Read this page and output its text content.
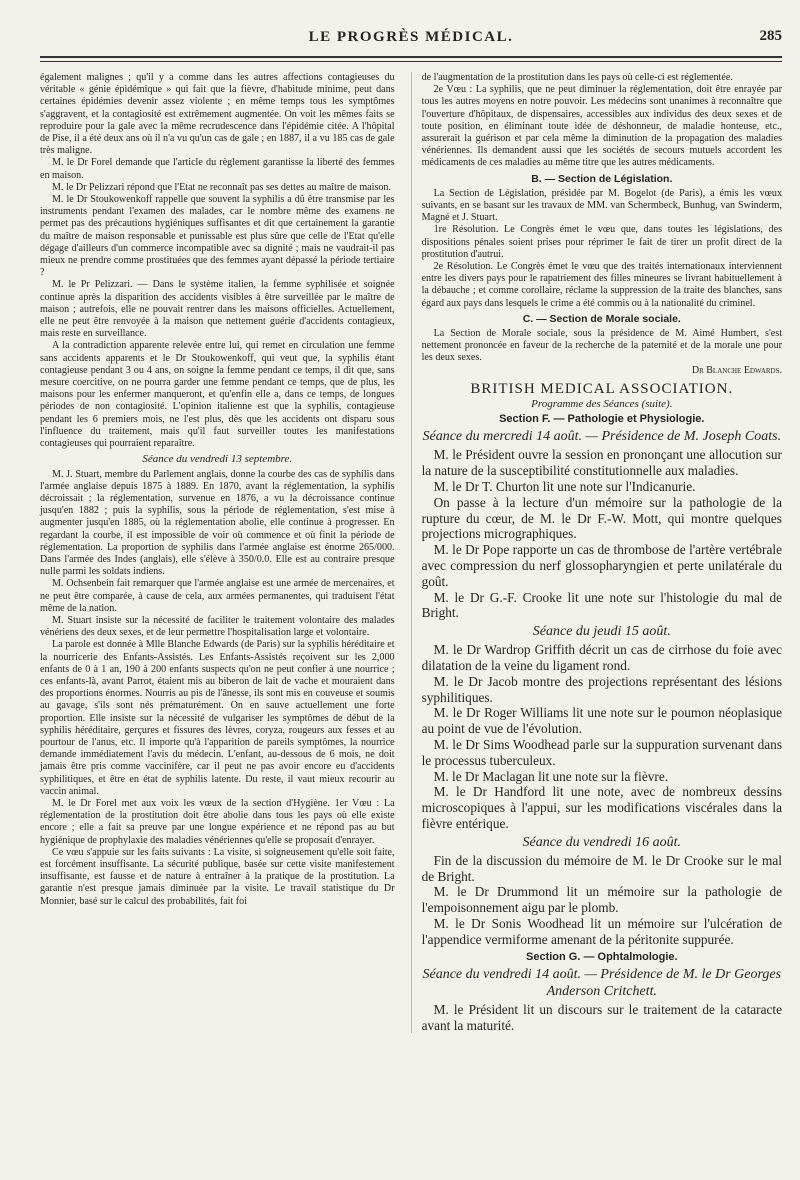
LE PROGRÈS MÉDICAL.	285

également malignes ; qu'il y a comme dans les autres affections contagieuses du véritable « génie épidémique » qui fait que la fièvre, d'habitude minime, peut dans certaines épidémies devenir assez violente ; en même temps tous les symptômes s'aggravent, et la contagiosité est extrêmement augmentée. On voit les mêmes faits se reproduire pour la gale avec la même recrudescence dans l'épidémie citée. A l'hôpital de Pise, il a été deux ans où il n'a vu qu'un cas de gale ; en 1887, il a vu 185 cas de gale très maligne.

M. le Dr Forel demande que l'article du règlement garantisse la liberté des femmes en maison.

M. le Dr Pelizzari répond que l'Etat ne reconnaît pas ses dettes au maître de maison.

M. le Dr Stoukowenkoff rappelle que souvent la syphilis a dû être transmise par les instruments pendant l'examen des malades, car le nombre même des examens ne permet pas des précautions hygiéniques suffisantes et dit que certainement la garantie du maître de maison responsable et punissable est plus sûre que celle de l'Etat qu'elle dégage d'ailleurs d'un commerce incompatible avec sa dignité ; mais ne vaudrait-il pas mieux ne prendre comme prostituées que des femmes ayant dépassé la période tertiaire ?

M. le Pr Pelizzari. — Dans le système italien, la femme syphilisée et soignée continue après la disparition des accidents visibles à être surveillée par le maître de maison ; autrefois, elle ne pouvait rentrer dans les maisons officielles. Actuellement, elle ne peut être renvoyée à la maison que nettement guérie d'accidents contagieux, mais reste en surveillance.

A la contradiction apparente relevée entre lui, qui remet en circulation une femme sans accidents apparents et le Dr Stoukowenkoff, qui veut que, la syphilis étant contagieuse pendant 3 ou 4 ans, on soigne la femme pendant ce temps, il dit que, sans mesure coercitive, on ne pourra garder une femme pendant ce temps, que de plus, les maisons pour les enfermer manqueront, et qu'enfin elle a, dans ce temps, de longues périodes de non contagiosité. L'opinion italienne est que la syphilis, contagieuse pendant les 6 premiers mois, ne l'est plus, dès que les accidents ont disparu sous l'influence du traitement, mais qu'il faut surveiller toutes les manifestations contagieuses qui pourraient reparaître.

Séance du vendredi 13 septembre.

M. J. Stuart, membre du Parlement anglais, donne la courbe des cas de syphilis dans l'armée anglaise depuis 1875 à 1889. En 1870, avant la réglementation, la syphilis décroissait ; la réglementation, survenue en 1876, a vu la décroissance continue jusqu'en 1882 ; puis la syphilis, sous la période de réglementation, s'est mise à augmenter jusqu'en 1885, où la réglementation abolie, elle continue à progresser. En regardant la courbe, il est impossible de voir où commence et où finit la période de réglementation. La proportion de syphilis dans l'armée anglaise est énorme 265/000. Dans l'armée des Indes (anglais), elle s'élève à 350/0.0. Elle est au contraire presque nulle parmi les soldats indiens.

M. Ochsenbein fait remarquer que l'armée anglaise est une armée de mercenaires, et ne peut être comparée, à cause de cela, aux armées permanentes, qui traduisent l'état même de la nation.

M. Stuart insiste sur la nécessité de faciliter le traitement volontaire des malades vénériens des deux sexes, et de leur permettre l'hospitalisation large et volontaire.

La parole est donnée à Mlle Blanche Edwards (de Paris) sur la syphilis héréditaire et la nourricerie des Enfants-Assistés. Les Enfants-Assistés reçoivent sur les 2,000 enfants de 0 à 1 an, 190 à 200 enfants suspects qu'on ne peut confier à une nourrice ; ces enfants-là, avant Parrot, étaient mis au biberon de lait de vache et mouraient dans des proportions énormes. Nourris au pis de l'ânesse, ils sont mis en couveuse et soumis au gavage, s'ils sont nés prématurément. On en sauve actuellement une forte proportion. Elle insiste sur la nécessité de vulgariser les symptômes de début de la syphilis héréditaire, gerçures et fissures des lèvres, coryza, rougeurs aux fesses et au pourtour de l'anus, etc. Il importe qu'à l'apparition de pareils symptômes, la nourrice demande immédiatement l'avis du médecin. L'enfant, au-dessous de 6 mois, ne doit jamais être pris comme vaccinifère, car il peut ne pas avoir encore eu d'accidents syphilitiques, et être en état de syphilis latente. Du reste, il vaut mieux recourir au vaccin animal.

M. le Dr Forel met aux voix les vœux de la section d'Hygiène. 1er Vœu : La réglementation de la prostitution doit être abolie dans tous les pays où elle existe encore ; elle a fait sa preuve par une longue expérience et ne répond pas au but hygiénique de prophylaxie des maladies vénériennes qu'elle se proposait d'enrayer.

Ce vœu s'appuie sur les faits suivants : La visite, si soigneusement qu'elle soit faite, est forcément insuffisante. La sécurité publique, basée sur cette visite manifestement insuffisante, est fausse et de nature à entraîner à la pratique de la prostitution. La garantie n'est presque jamais diminuée par la visite. Le travail statistique du Dr Monnier, basé sur le calcul des probabilités, fait foi

de l'augmentation de la prostitution dans les pays où celle-ci est réglementée.

2e Vœu : La syphilis, que ne peut diminuer la réglementation, doit être enrayée par tous les autres moyens en notre pouvoir. Les médecins sont unanimes à reconnaître que l'ouverture d'hôpitaux, de dispensaires, accessibles aux individus des deux sexes et de toute position, en éliminant toute idée de déshonneur, de maladie honteuse, etc., assurerait la guérison et par cela même la diminution de la propagation des maladies vénériennes. Ils demandent aussi que les sociétés de secours mutuels accordent les médicaments de ces maladies au même titre que les autres médicaments.

B. — Section de Législation.

La Section de Législation, présidée par M. Bogelot (de Paris), a émis les vœux suivants, en se basant sur les travaux de MM. van Schermbeck, Bunhug, van Swinderm, Magné et J. Stuart.

1re Résolution. Le Congrès émet le vœu que, dans toutes les législations, des dispositions pénales soient prises pour réprimer le fait de tirer un profit direct de la prostitution d'autrui.

2e Résolution. Le Congrès émet le vœu que des traités internationaux interviennent entre les divers pays pour le rapatriement des filles mineures se livrant habituellement à la débauche ; et comme corollaire, réclame la suppression de la traite des blanches, sans égard aux pays dans lesquels le crime a été commis ou à la nationalité du criminel.

C. — Section de Morale sociale.

La Section de Morale sociale, sous la présidence de M. Aimé Humbert, s'est nettement prononcée en faveur de la recherche de la paternité et de la morale une pour les deux sexes.

Dr Blanche Edwards.
BRITISH MEDICAL ASSOCIATION.
Programme des Séances (suite).
Section F. — Pathologie et Physiologie.
Séance du mercredi 14 août. — Présidence de M. Joseph Coats.

M. le Président ouvre la session en prononçant une allocution sur la nature de la susceptibilité constitutionnelle aux maladies.

M. le Dr T. Churton lit une note sur l'Indicanurie.

On passe à la lecture d'un mémoire sur la pathologie de la rupture du cœur, de M. le Dr F.-W. Mott, qui montre quelques projections micrographiques.

M. le Dr Pope rapporte un cas de thrombose de l'artère vertébrale avec compression du nerf glossopharyngien et perte unilatérale du goût.

M. le Dr G.-F. Crooke lit une note sur l'histologie du mal de Bright.

Séance du jeudi 15 août.

M. le Dr Wardrop Griffith décrit un cas de cirrhose du foie avec dilatation de la veine du ligament rond.

M. le Dr Jacob montre des projections représentant des lésions syphilitiques.

M. le Dr Roger Williams lit une note sur le poumon néoplasique au point de vue de l'évolution.

M. le Dr Sims Woodhead parle sur la suppuration survenant dans le processus tuberculeux.

M. le Dr Maclagan lit une note sur la fièvre.

M. le Dr Handford lit une note, avec de nombreux dessins microscopiques à l'appui, sur les modifications viscérales dans la fièvre entérique.

Séance du vendredi 16 août.

Fin de la discussion du mémoire de M. le Dr Crooke sur le mal de Bright.

M. le Dr Drummond lit un mémoire sur la pathologie de l'empoisonnement aigu par le plomb.

M. le Dr Sonis Woodhead lit un mémoire sur l'ulcération de l'appendice vermiforme amenant de la péritonite suppurée.

Section G. — Ophtalmologie.
Séance du vendredi 14 août. — Présidence de M. le Dr Georges Anderson Critchett.

M. le Président lit un discours sur le traitement de la cataracte avant la maturité.
